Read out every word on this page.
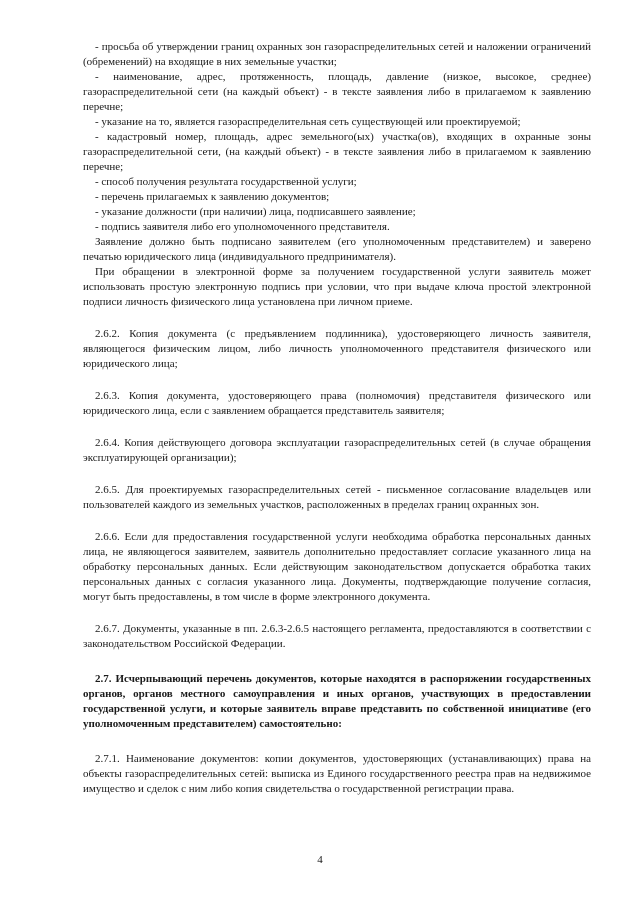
- просьба об утверждении границ охранных зон газораспределительных сетей и наложении ограничений (обременений) на входящие в них земельные участки;

- наименование, адрес, протяженность, площадь, давление (низкое, высокое, среднее) газораспределительной сети (на каждый объект) - в тексте заявления либо в прилагаемом к заявлению перечне;

- указание на то, является газораспределительная сеть существующей или проектируемой;

- кадастровый номер, площадь, адрес земельного(ых) участка(ов), входящих в охранные зоны газораспределительной сети, (на каждый объект) - в тексте заявления либо в прилагаемом к заявлению перечне;

- способ получения результата государственной услуги;

- перечень прилагаемых к заявлению документов;

- указание должности (при наличии) лица, подписавшего заявление;

- подпись заявителя либо его уполномоченного представителя.

Заявление должно быть подписано заявителем (его уполномоченным представителем) и заверено печатью юридического лица (индивидуального предпринимателя).

При обращении в электронной форме за получением государственной услуги заявитель может использовать простую электронную подпись при условии, что при выдаче ключа простой электронной подписи личность физического лица установлена при личном приеме.

2.6.2. Копия документа (с предъявлением подлинника), удостоверяющего личность заявителя, являющегося физическим лицом, либо личность уполномоченного представителя физического или юридического лица;

2.6.3. Копия документа, удостоверяющего права (полномочия) представителя физического или юридического лица, если с заявлением обращается представитель заявителя;

2.6.4. Копия действующего договора эксплуатации газораспределительных сетей (в случае обращения эксплуатирующей организации);

2.6.5. Для проектируемых газораспределительных сетей - письменное согласование владельцев или пользователей каждого из земельных участков, расположенных в пределах границ охранных зон.

2.6.6. Если для предоставления государственной услуги необходима обработка персональных данных лица, не являющегося заявителем, заявитель дополнительно предоставляет согласие указанного лица на обработку персональных данных. Если действующим законодательством допускается обработка таких персональных данных с согласия указанного лица. Документы, подтверждающие получение согласия, могут быть предоставлены, в том числе в форме электронного документа.

2.6.7. Документы, указанные в пп. 2.6.3-2.6.5 настоящего регламента, предоставляются в соответствии с законодательством Российской Федерации.

2.7. Исчерпывающий перечень документов, которые находятся в распоряжении государственных органов, органов местного самоуправления и иных органов, участвующих в предоставлении государственной услуги, и которые заявитель вправе представить по собственной инициативе (его уполномоченным представителем) самостоятельно:

2.7.1. Наименование документов: копии документов, удостоверяющих (устанавливающих) права на объекты газораспределительных сетей: выписка из Единого государственного реестра прав на недвижимое имущество и сделок с ним либо копия свидетельства о государственной регистрации права.

4
